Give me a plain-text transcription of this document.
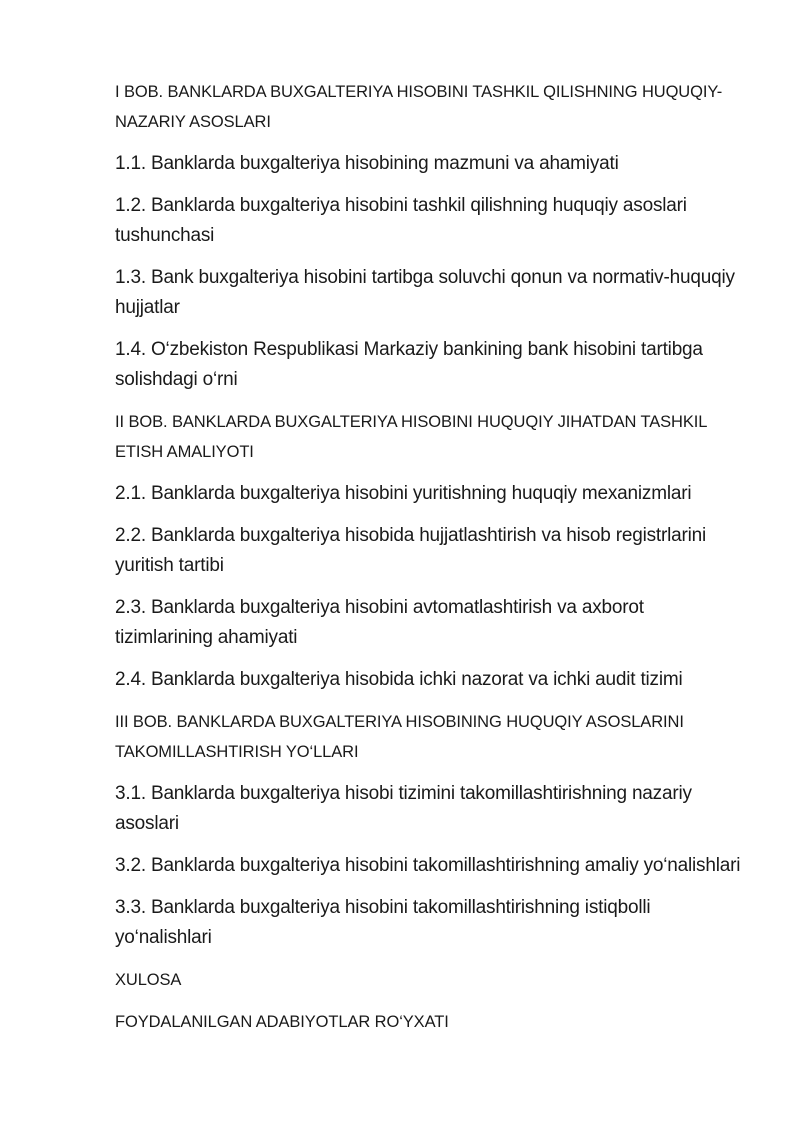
I BOB. BANKLARDA BUXGALTERIYA HISOBINI TASHKIL QILISHNING HUQUQIY-NAZARIY ASOSLARI

1.1. Banklarda buxgalteriya hisobining mazmuni va ahamiyati

1.2. Banklarda buxgalteriya hisobini tashkil qilishning huquqiy asoslari tushunchasi

1.3. Bank buxgalteriya hisobini tartibga soluvchi qonun va normativ-huquqiy hujjatlar

1.4. O‘zbekiston Respublikasi Markaziy bankining bank hisobini tartibga solishdagi o‘rni

II BOB. BANKLARDA BUXGALTERIYA HISOBINI HUQUQIY JIHATDAN TASHKIL ETISH AMALIYOTI

2.1. Banklarda buxgalteriya hisobini yuritishning huquqiy mexanizmlari

2.2. Banklarda buxgalteriya hisobida hujjatlashtirish va hisob registrlarini yuritish tartibi

2.3. Banklarda buxgalteriya hisobini avtomatlashtirish va axborot tizimlarining ahamiyati

2.4. Banklarda buxgalteriya hisobida ichki nazorat va ichki audit tizimi

III BOB. BANKLARDA BUXGALTERIYA HISOBINING HUQUQIY ASOSLARINI TAKOMILLASHTIRISH YO‘LLARI

3.1. Banklarda buxgalteriya hisobi tizimini takomillashtirishning nazariy asoslari

3.2. Banklarda buxgalteriya hisobini takomillashtirishning amaliy yo‘nalishlari

3.3. Banklarda buxgalteriya hisobini takomillashtirishning istiqbolli yo‘nalishlari

XULOSA

FOYDALANILGAN ADABIYOTLAR RO‘YXATI
